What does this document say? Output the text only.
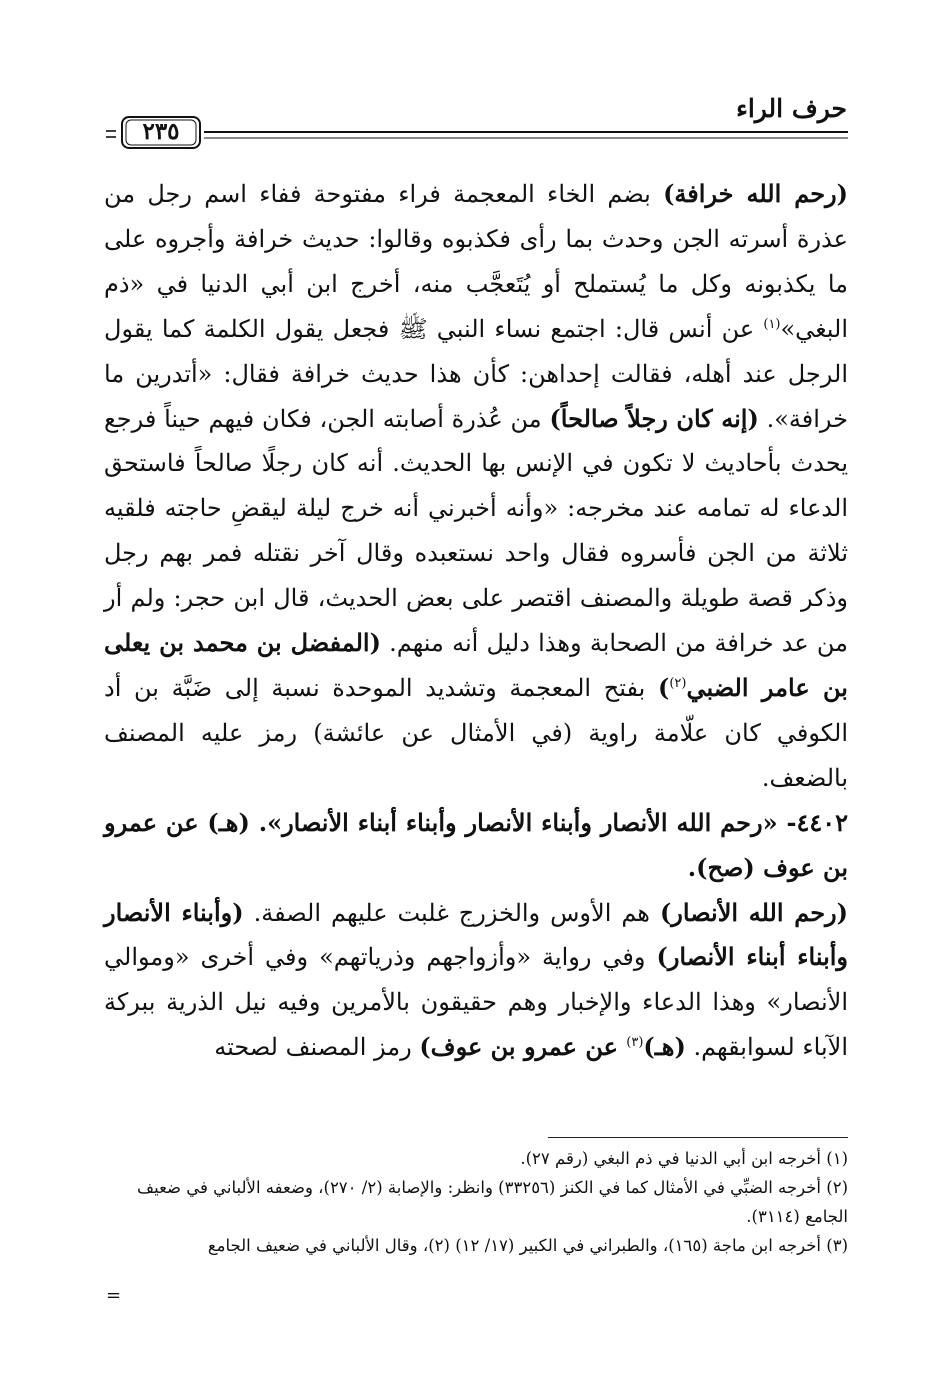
حرف الراء
٢٣٥

(رحم الله خرافة) بضم الخاء المعجمة فراء مفتوحة ففاء اسم رجل من عذرة أسرته الجن وحدث بما رأى فكذبوه وقالوا: حديث خرافة وأجروه على ما يكذبونه وكل ما يُستملح أو يُتَعجَّب منه، أخرج ابن أبي الدنيا في «ذم البغي»$^{(١)}$ عن أنس قال: اجتمع نساء النبي ﷺ فجعل يقول الكلمة كما يقول الرجل عند أهله، فقالت إحداهن: كأن هذا حديث خرافة فقال: «أتدرين ما خرافة». (إنه كان رجلاً صالحاً) من عُذرة أصابته الجن، فكان فيهم حيناً فرجع يحدث بأحاديث لا تكون في الإنس بها الحديث. أنه كان رجلًا صالحاً فاستحق الدعاء له تمامه عند مخرجه: «وأنه أخبرني أنه خرج ليلة ليقضِ حاجته فلقيه ثلاثة من الجن فأسروه فقال واحد نستعبده وقال آخر نقتله فمر بهم رجل وذكر قصة طويلة والمصنف اقتصر على بعض الحديث، قال ابن حجر: ولم أر من عد خرافة من الصحابة وهذا دليل أنه منهم. (المفضل بن محمد بن يعلى بن عامر الضبي$^{(٢)}$) بفتح المعجمة وتشديد الموحدة نسبة إلى ضَبَّة بن أد الكوفي كان علّامة راوية (في الأمثال عن عائشة) رمز عليه المصنف بالضعف.

٤٤٠٢- «رحم الله الأنصار وأبناء الأنصار وأبناء أبناء الأنصار». (هـ) عن عمرو بن عوف (صح).

(رحم الله الأنصار) هم الأوس والخزرج غلبت عليهم الصفة. (وأبناء الأنصار وأبناء أبناء الأنصار) وفي رواية «وأزواجهم وذرياتهم» وفي أخرى «وموالي الأنصار» وهذا الدعاء والإخبار وهم حقيقون بالأمرين وفيه نيل الذرية ببركة الآباء لسوابقهم. (هـ)$^{(٣)}$ عن عمرو بن عوف) رمز المصنف لصحته

(١) أخرجه ابن أبي الدنيا في ذم البغي (رقم ٢٧).
(٢) أخرجه الضبِّي في الأمثال كما في الكنز (٣٣٢٥٦) وانظر: والإصابة (٢/ ٢٧٠)، وضعفه الألباني في ضعيف الجامع (٣١١٤).
(٣) أخرجه ابن ماجة (١٦٥)، والطبراني في الكبير (١٧/ ١٢) (٢)، وقال الألباني في ضعيف الجامع
=
